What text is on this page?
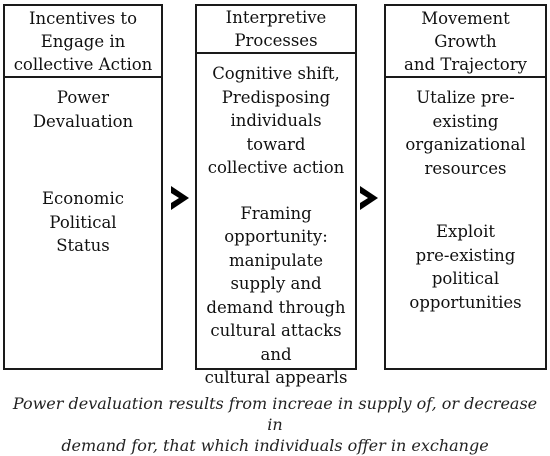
Incentives to
Engage in
collective Action
Power
Devaluation
Economic
Political
Status
Interpretive
Processes
Cognitive shift,
Predisposing
individuals toward
collective action
Framing
opportunity:
manipulate
supply and
demand through
cultural attacks and
cultural appearls
Movement Growth
and Trajectory
Utalize pre-existing
organizational
resources
Exploit
pre-existing
political
opportunities
Power devaluation results from increae in supply of, or decrease in
demand for, that which individuals offer in exchange
